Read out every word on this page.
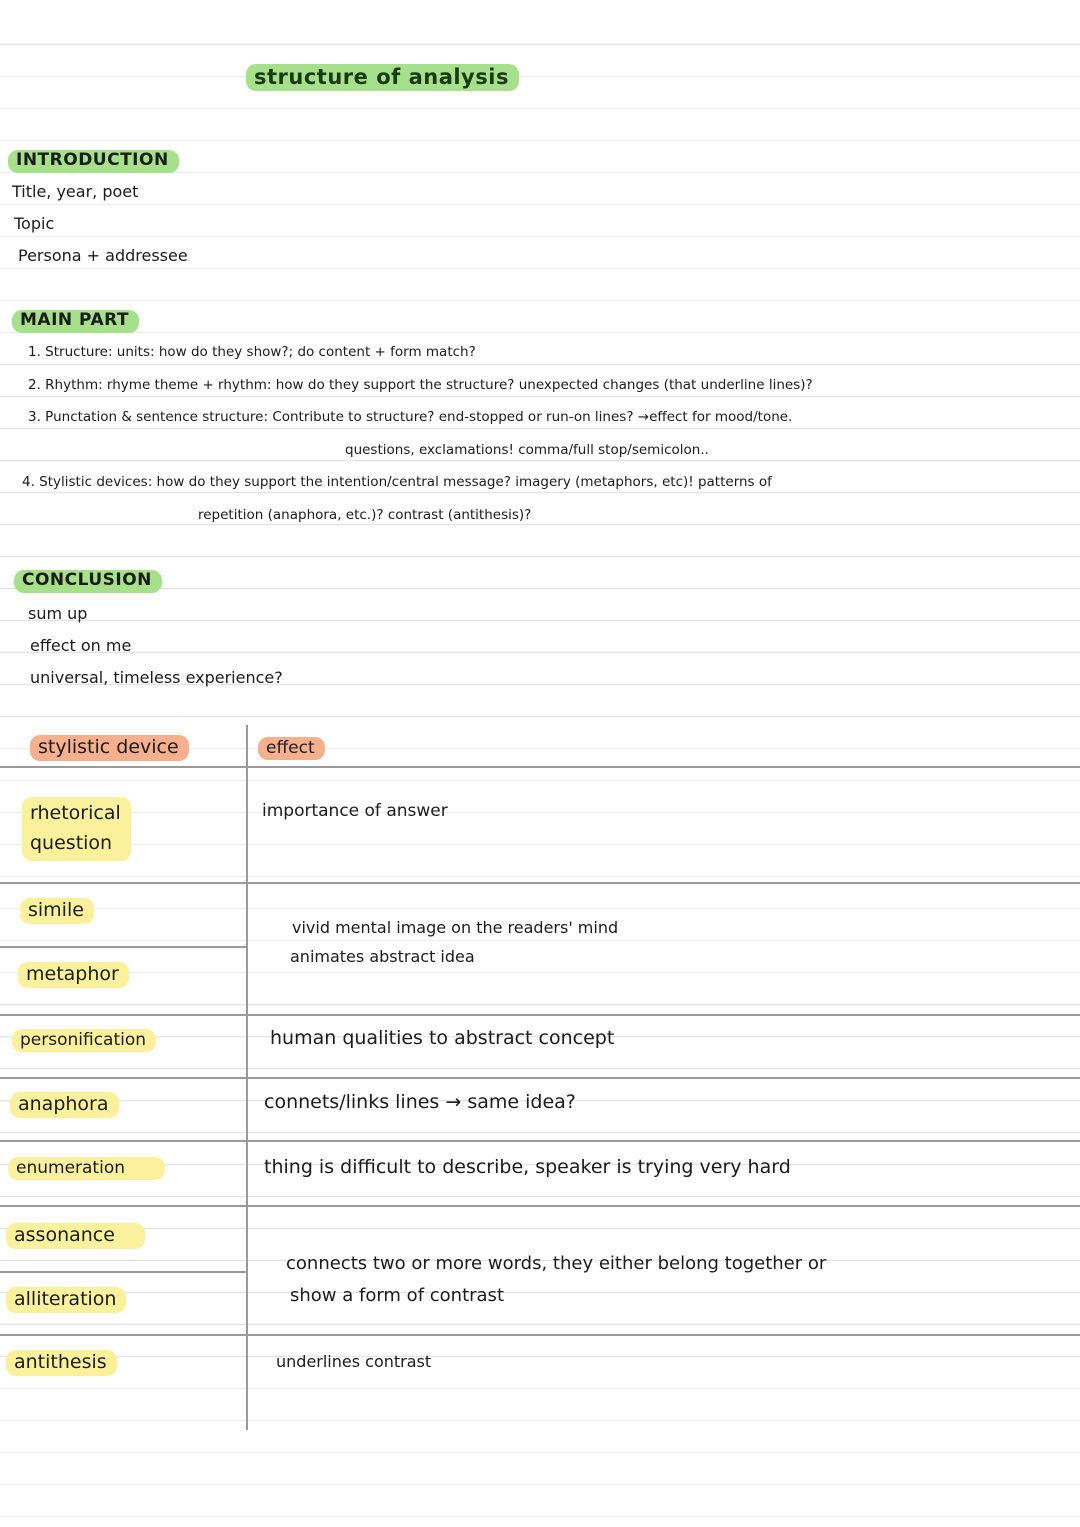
structure of analysis
INTRODUCTION
Title, year, poet
Topic
Persona + addressee
MAIN PART
1. Structure: units: how do they show?; do content + form match?
2. Rhythm: rhyme theme + rhythm: how do they support the structure? unexpected changes (that underline lines)?
3. Punctation & sentence structure: Contribute to structure? end-stopped or run-on lines? →effect for mood/tone.
questions, exclamations! comma/full stop/semicolon..
4. Stylistic devices: how do they support the intention/central message? imagery (metaphors, etc)! patterns of
repetition (anaphora, etc.)? contrast (antithesis)?
CONCLUSION
sum up
effect on me
universal, timeless experience?
stylistic device	effect
rhetorical
question
simile
metaphor
personification
anaphora
enumeration
assonance
alliteration
antithesis
importance of answer
vivid mental image on the readers' mind
animates abstract idea
human qualities to abstract concept
connets/links lines → same idea?
thing is difficult to describe, speaker is trying very hard
connects two or more words, they either belong together or
show a form of contrast
underlines contrast
